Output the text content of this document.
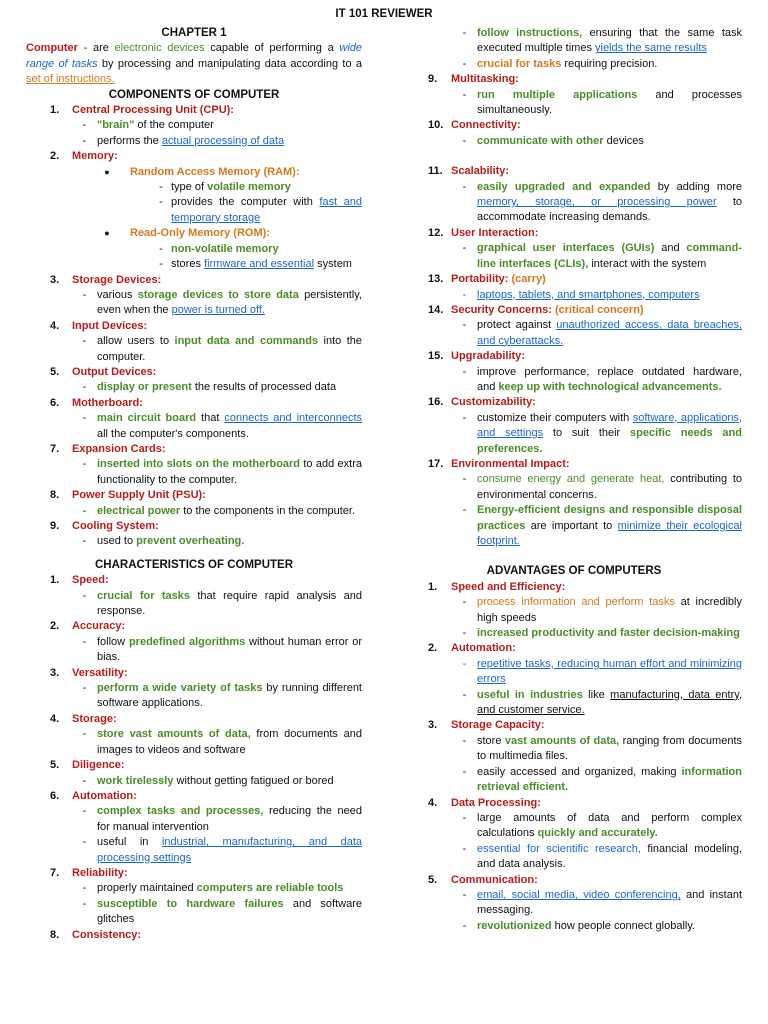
IT 101 REVIEWER
CHAPTER 1

Computer - are electronic devices capable of performing a wide range of tasks by processing and manipulating data according to a set of instructions.

COMPONENTS OF COMPUTER
1.	Central Processing Unit (CPU):
- "brain" of the computer
- performs the actual processing of data
2.	Memory:
●	Random Access Memory (RAM):
- type of volatile memory
- provides the computer with fast and temporary storage
●	Read-Only Memory (ROM):
- non-volatile memory
- stores firmware and essential system
3.	Storage Devices:
- various storage devices to store data persistently, even when the power is turned off.
4.	Input Devices:
- allow users to input data and commands into the computer.
5.	Output Devices:
- display or present the results of processed data
6.	Motherboard:
- main circuit board that connects and interconnects all the computer's components.
7.	Expansion Cards:
- inserted into slots on the motherboard to add extra functionality to the computer.
8.	Power Supply Unit (PSU):
- electrical power to the components in the computer.
9.	Cooling System:
- used to prevent overheating.
CHARACTERISTICS OF COMPUTER
1.	Speed:
- crucial for tasks that require rapid analysis and response.
2.	Accuracy:
- follow predefined algorithms without human error or bias.
3.	Versatility:
- perform a wide variety of tasks by running different software applications.
4.	Storage:
- store vast amounts of data, from documents and images to videos and software
5.	Diligence:
- work tirelessly without getting fatigued or bored
6.	Automation:
- complex tasks and processes, reducing the need for manual intervention
- useful in industrial, manufacturing, and data processing settings
7.	Reliability:
- properly maintained computers are reliable tools
- susceptible to hardware failures and software glitches
8.	Consistency:
- follow instructions, ensuring that the same task executed multiple times yields the same results
- crucial for tasks requiring precision.
9.	Multitasking:
- run multiple applications and processes simultaneously.
10. Connectivity:
- communicate with other devices
11. Scalability:
- easily upgraded and expanded by adding more memory, storage, or processing power to accommodate increasing demands.
12. User Interaction:
- graphical user interfaces (GUIs) and command-line interfaces (CLIs), interact with the system
13. Portability:
(carry)
- laptops, tablets, and smartphones, computers
14. Security Concerns:
(critical concern)
- protect against unauthorized access, data breaches, and cyberattacks.
15. Upgradability:
- improve performance, replace outdated hardware, and keep up with technological advancements.
16. Customizability:
- customize their computers with software, applications, and settings to suit their specific needs and preferences.
17. Environmental Impact:
- consume energy and generate heat, contributing to environmental concerns.
- Energy-efficient designs and responsible disposal practices are important to minimize their ecological footprint.
ADVANTAGES OF COMPUTERS
1.	Speed and Efficiency:
- process information and perform tasks at incredibly high speeds
- increased productivity and faster decision-making
2.	Automation:
- repetitive tasks, reducing human effort and minimizing errors
- useful in industries like manufacturing, data entry, and customer service.
3.	Storage Capacity:
- store vast amounts of data, ranging from documents to multimedia files.
- easily accessed and organized, making information retrieval efficient.
4.	Data Processing:
- large amounts of data and perform complex calculations quickly and accurately.
- essential for scientific research, financial modeling, and data analysis.
5.	Communication:
- email, social media, video conferencing, and instant messaging.
- revolutionized how people connect globally.
